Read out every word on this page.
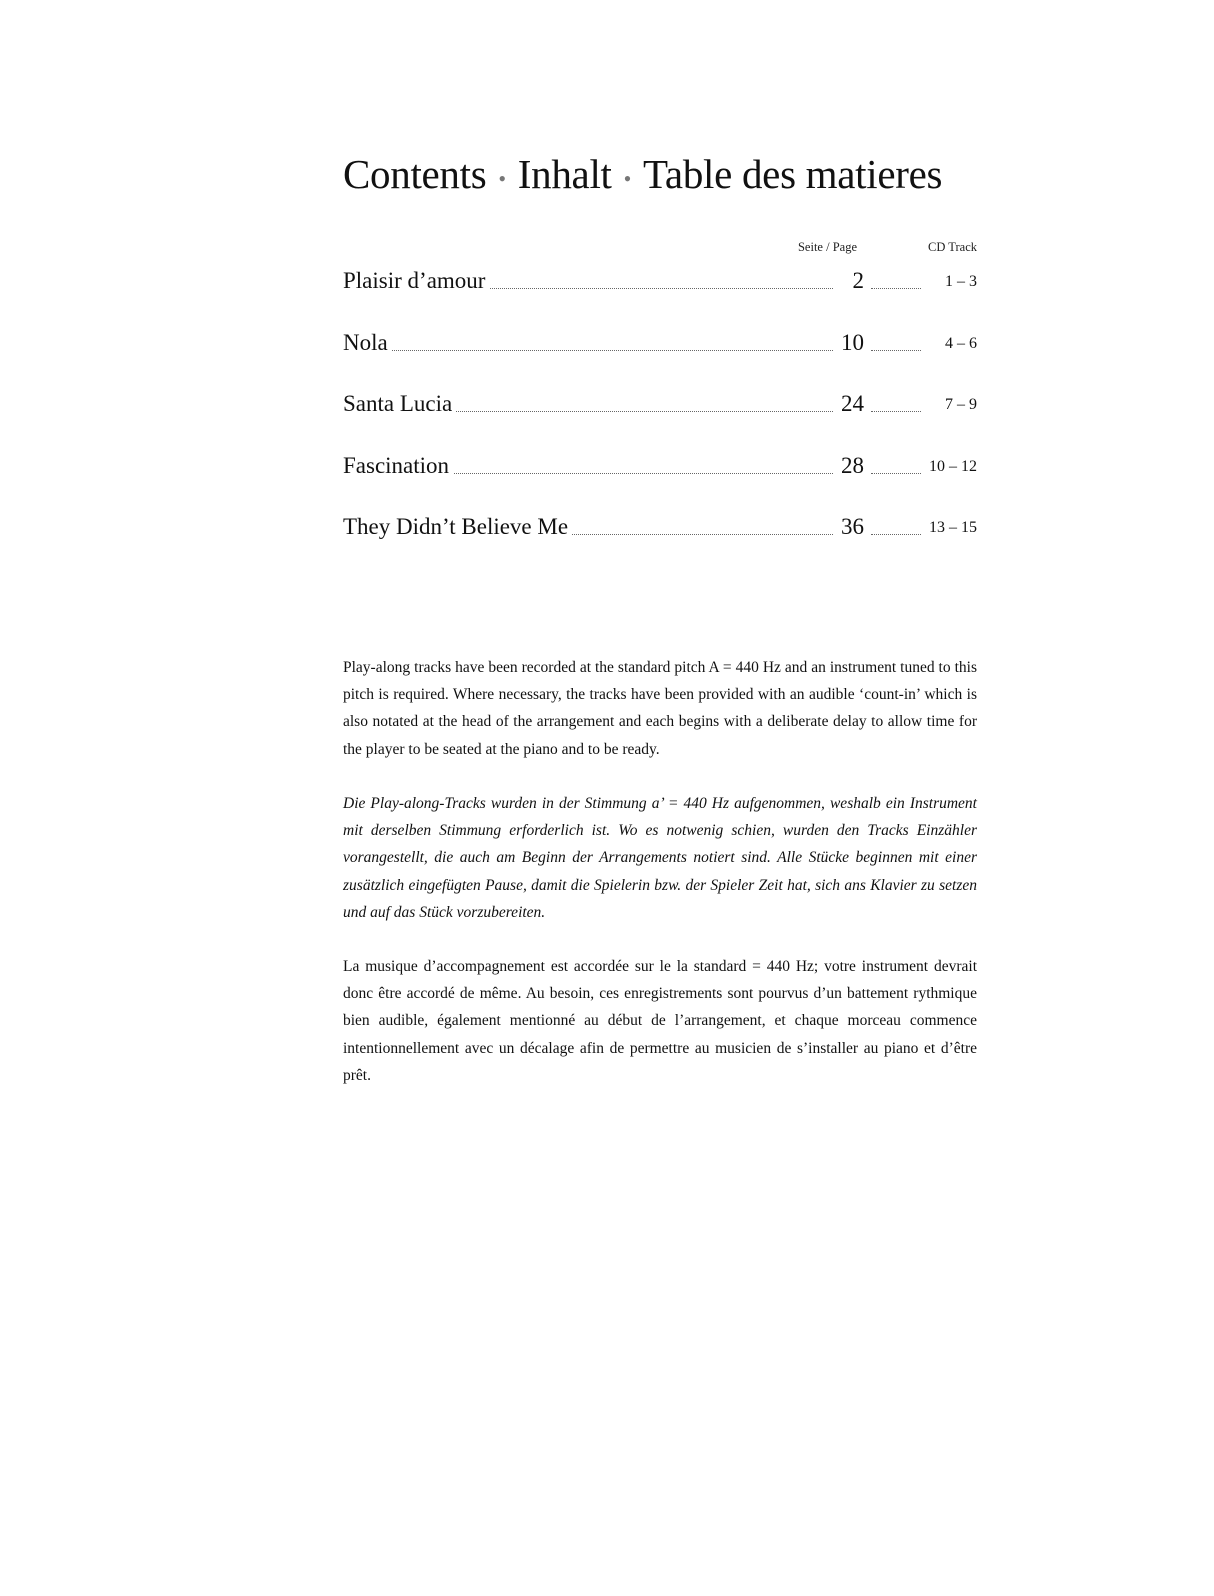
Contents • Inhalt • Table des matieres
Seite / Page	CD Track
Plaisir d’amour	2	1 – 3
Nola	10	4 – 6
Santa Lucia	24	7 – 9
Fascination	28	10 – 12
They Didn’t Believe Me	36	13 – 15

Play-along tracks have been recorded at the standard pitch A = 440 Hz and an instrument tuned to this pitch is required. Where necessary, the tracks have been provided with an audible ‘count-in’ which is also notated at the head of the arrangement and each begins with a deliberate delay to allow time for the player to be seated at the piano and to be ready.

Die Play-along-Tracks wurden in der Stimmung a’ = 440 Hz aufgenommen, weshalb ein Instrument mit derselben Stimmung erforderlich ist. Wo es notwenig schien, wurden den Tracks Einzähler vorangestellt, die auch am Beginn der Arrangements notiert sind. Alle Stücke beginnen mit einer zusätzlich eingefügten Pause, damit die Spielerin bzw. der Spieler Zeit hat, sich ans Klavier zu setzen und auf das Stück vorzubereiten.

La musique d’accompagnement est accordée sur le la standard = 440 Hz; votre instrument devrait donc être accordé de même. Au besoin, ces enregistrements sont pourvus d’un battement rythmique bien audible, également mentionné au début de l’arrangement, et chaque morceau commence intentionnellement avec un décalage afin de permettre au musicien de s’installer au piano et d’être prêt.
